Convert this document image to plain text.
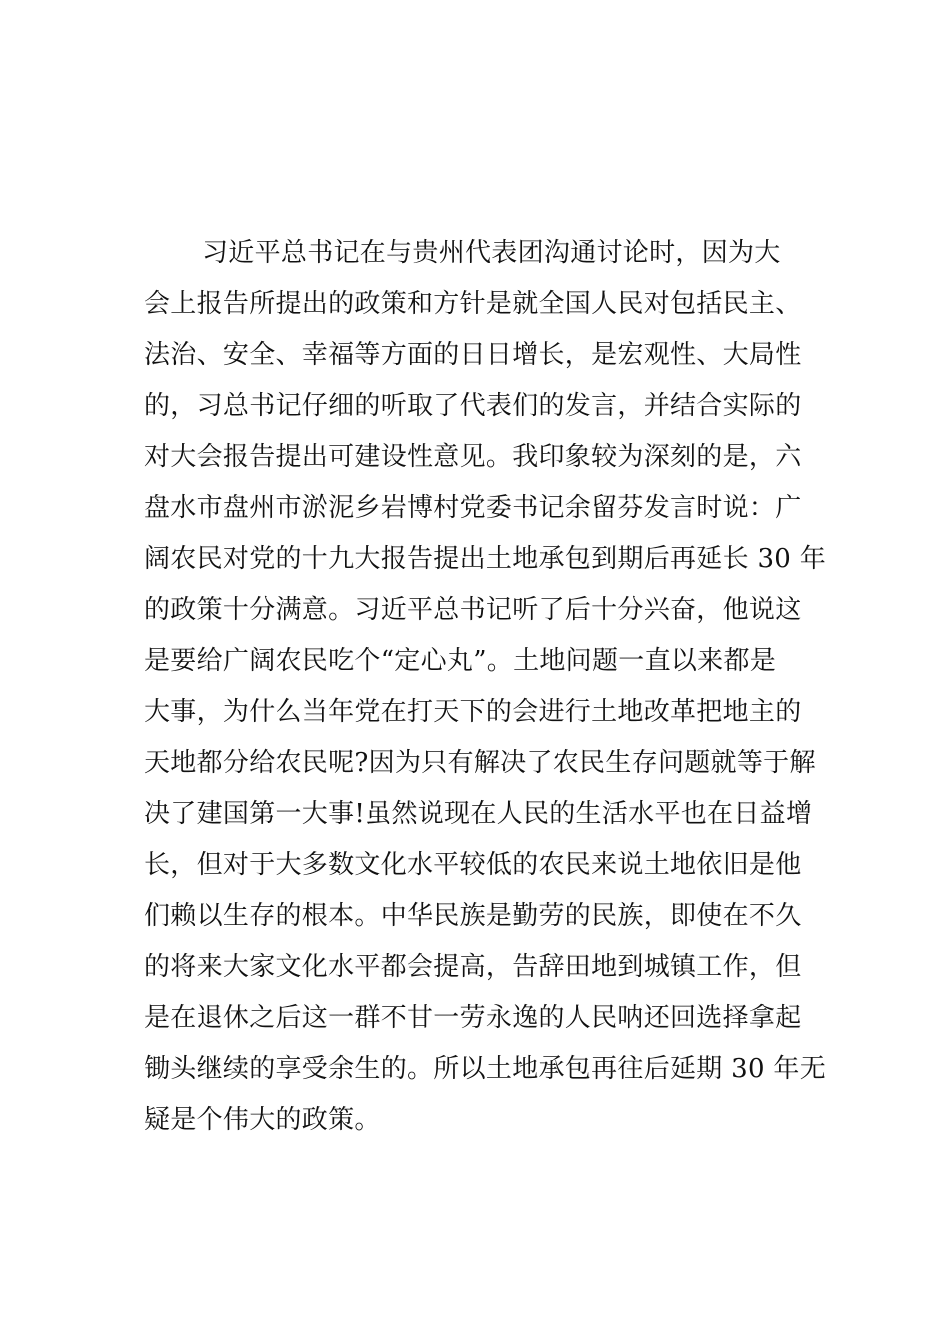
习近平总书记在与贵州代表团沟通讨论时，因为大
会上报告所提出的政策和方针是就全国人民对包括民主、
法治、安全、幸福等方面的日日增长，是宏观性、大局性
的，习总书记仔细的听取了代表们的发言，并结合实际的
对大会报告提出可建设性意见。我印象较为深刻的是，六
盘水市盘州市淤泥乡岩博村党委书记余留芬发言时说：广
阔农民对党的十九大报告提出土地承包到期后再延长 30 年
的政策十分满意。习近平总书记听了后十分兴奋，他说这
是要给广阔农民吃个“定心丸”。土地问题一直以来都是
大事，为什么当年党在打天下的会进行土地改革把地主的
天地都分给农民呢?因为只有解决了农民生存问题就等于解
决了建国第一大事!虽然说现在人民的生活水平也在日益增
长，但对于大多数文化水平较低的农民来说土地依旧是他
们赖以生存的根本。中华民族是勤劳的民族，即使在不久
的将来大家文化水平都会提高，告辞田地到城镇工作，但
是在退休之后这一群不甘一劳永逸的人民呐还回选择拿起
锄头继续的享受余生的。所以土地承包再往后延期 30 年无
疑是个伟大的政策。
